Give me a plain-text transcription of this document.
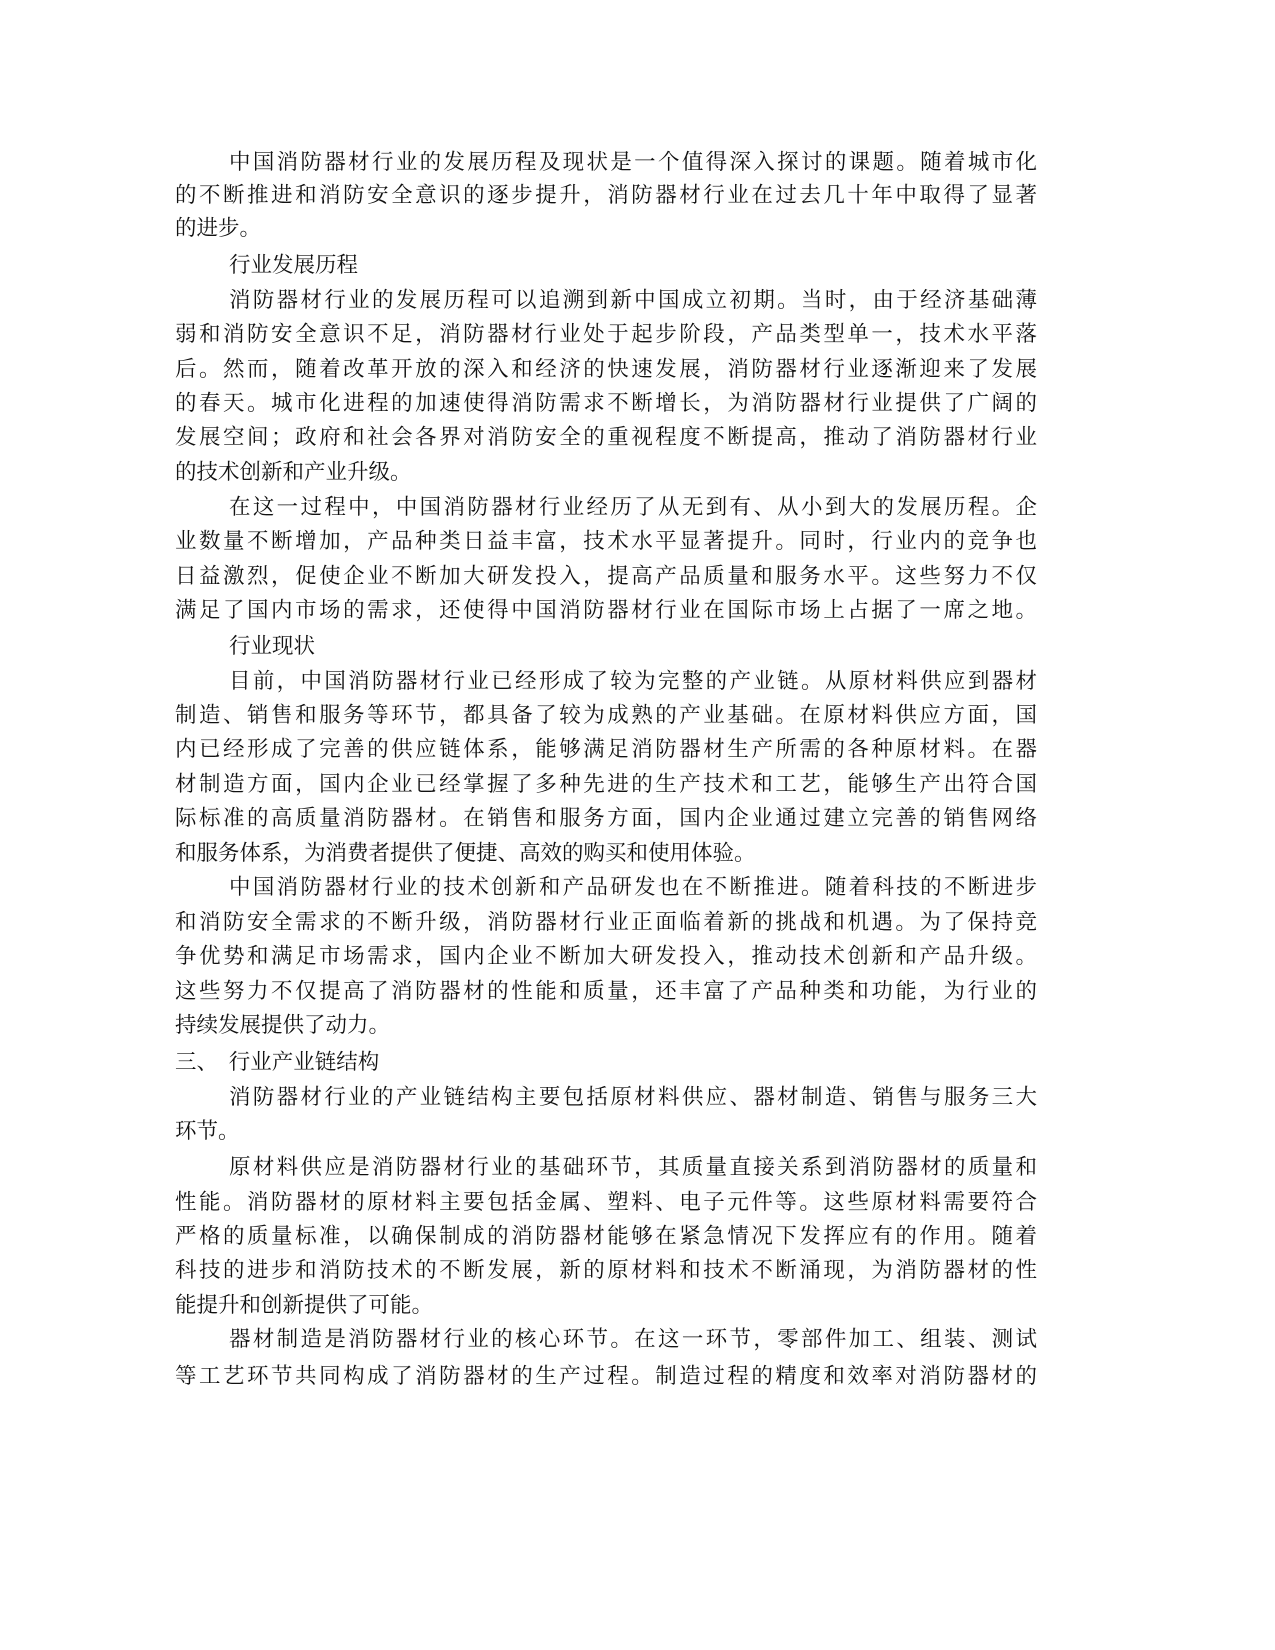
中国消防器材行业的发展历程及现状是一个值得深入探讨的课题。随着城市化
的不断推进和消防安全意识的逐步提升，消防器材行业在过去几十年中取得了显著
的进步。
行业发展历程
消防器材行业的发展历程可以追溯到新中国成立初期。当时，由于经济基础薄
弱和消防安全意识不足，消防器材行业处于起步阶段，产品类型单一，技术水平落
后。然而，随着改革开放的深入和经济的快速发展，消防器材行业逐渐迎来了发展
的春天。城市化进程的加速使得消防需求不断增长，为消防器材行业提供了广阔的
发展空间；政府和社会各界对消防安全的重视程度不断提高，推动了消防器材行业
的技术创新和产业升级。
在这一过程中，中国消防器材行业经历了从无到有、从小到大的发展历程。企
业数量不断增加，产品种类日益丰富，技术水平显著提升。同时，行业内的竞争也
日益激烈，促使企业不断加大研发投入，提高产品质量和服务水平。这些努力不仅
满足了国内市场的需求，还使得中国消防器材行业在国际市场上占据了一席之地。
行业现状
目前，中国消防器材行业已经形成了较为完整的产业链。从原材料供应到器材
制造、销售和服务等环节，都具备了较为成熟的产业基础。在原材料供应方面，国
内已经形成了完善的供应链体系，能够满足消防器材生产所需的各种原材料。在器
材制造方面，国内企业已经掌握了多种先进的生产技术和工艺，能够生产出符合国
际标准的高质量消防器材。在销售和服务方面，国内企业通过建立完善的销售网络
和服务体系，为消费者提供了便捷、高效的购买和使用体验。
中国消防器材行业的技术创新和产品研发也在不断推进。随着科技的不断进步
和消防安全需求的不断升级，消防器材行业正面临着新的挑战和机遇。为了保持竞
争优势和满足市场需求，国内企业不断加大研发投入，推动技术创新和产品升级。
这些努力不仅提高了消防器材的性能和质量，还丰富了产品种类和功能，为行业的
持续发展提供了动力。
三、　行业产业链结构
消防器材行业的产业链结构主要包括原材料供应、器材制造、销售与服务三大
环节。
原材料供应是消防器材行业的基础环节，其质量直接关系到消防器材的质量和
性能。消防器材的原材料主要包括金属、塑料、电子元件等。这些原材料需要符合
严格的质量标准，以确保制成的消防器材能够在紧急情况下发挥应有的作用。随着
科技的进步和消防技术的不断发展，新的原材料和技术不断涌现，为消防器材的性
能提升和创新提供了可能。
器材制造是消防器材行业的核心环节。在这一环节，零部件加工、组装、测试
等工艺环节共同构成了消防器材的生产过程。制造过程的精度和效率对消防器材的
